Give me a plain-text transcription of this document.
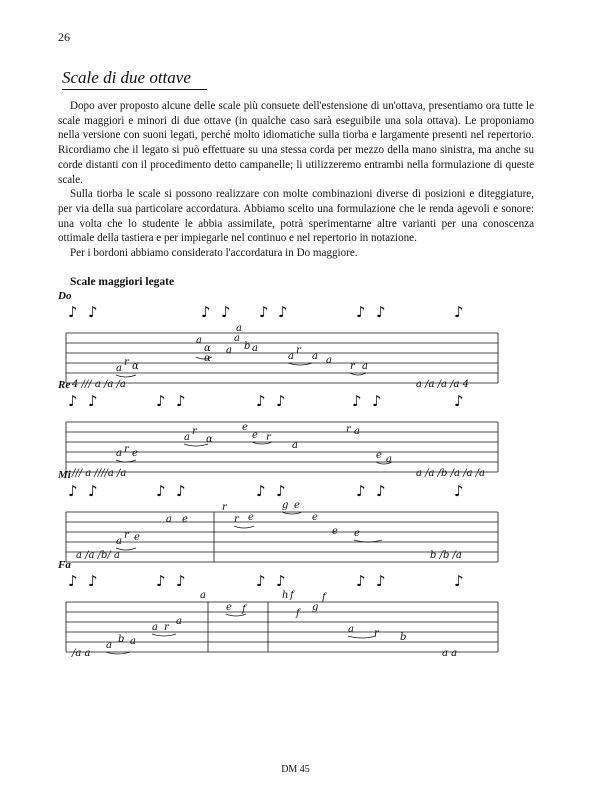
26
Scale di due ottave

Dopo aver proposto alcune delle scale più consuete dell'estensione di un'ottava, presentiamo ora tutte le scale maggiori e minori di due ottave (in qualche caso sarà eseguibile una sola ottava). Le proponiamo nella versione con suoni legati, perché molto idiomatiche sulla tiorba e largamente presenti nel repertorio. Ricordiamo che il legato si può effettuare su una stessa corda per mezzo della mano sinistra, ma anche su corde distanti con il procedimento detto campanelle; li utilizzeremo entrambi nella formulazione di queste scale.

Sulla tiorba le scale si possono realizzare con molte combinazioni diverse di posizioni e diteggiature, per via della sua particolare accordatura. Abbiamo scelto una formulazione che le renda agevoli e sonore: una volta che lo studente le abbia assimilate, potrà sperimentarne altre varianti per una conoscenza ottimale della tastiera e per impiegarle nel continuo e nel repertorio in notazione.

Per i bordoni abbiamo considerato l'accordatura in Do maggiore.

Scale maggiori legate
Do
♪ ♪	♪ ♪ ♪ ♪	♪ ♪	♪
a
r ɑ
a
ɑ
ɑ
a
a
a
b a
a
r
a a
r a
4 /// a /a /a	a /a /a /a 4
Re
♪ ♪	♪ ♪	♪ ♪	♪ ♪	♪
a r e
a
r
ɑ
e
e r
a
r a
e a
/// a ////a /a	a /a /b /a /a /a
Mi
♪ ♪	♪ ♪	♪ ♪	♪ ♪	♪
a
r e
a e
r
r e
g e
e
e e
a /a /b/ a	b /b /a
Fa
♪ ♪	♪ ♪	♪ ♪	♪ ♪	♪
a
b a
a r
a
a
e f
h f
f
g
f
a r b
/a a	a a
DM 45
